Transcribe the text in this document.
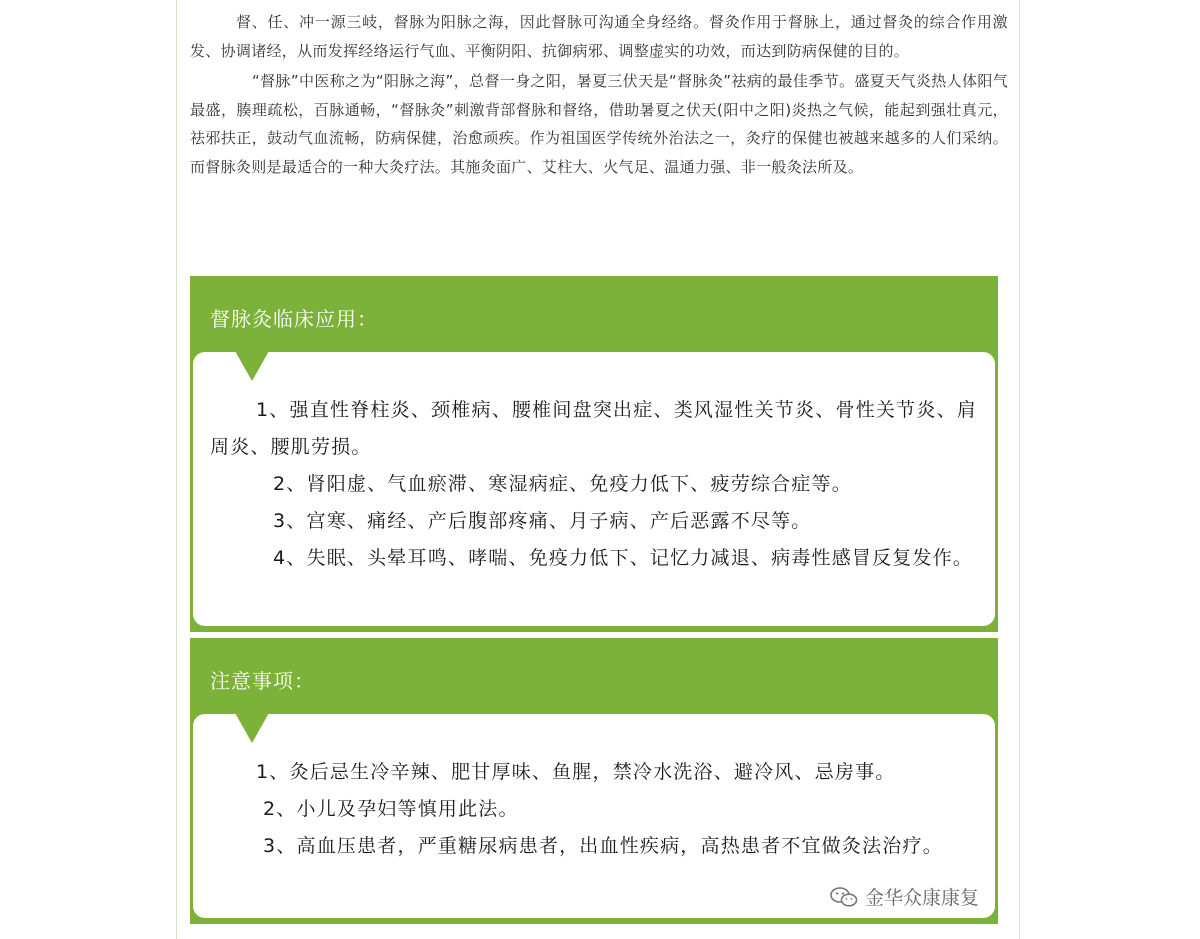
督、任、冲一源三岐，督脉为阳脉之海，因此督脉可沟通全身经络。督灸作用于督脉上，通过督灸的综合作用激发、协调诸经，从而发挥经络运行气血、平衡阴阳、抗御病邪、调整虚实的功效，而达到防病保健的目的。

“督脉”中医称之为“阳脉之海”，总督一身之阳，暑夏三伏天是“督脉灸”祛病的最佳季节。盛夏天气炎热人体阳气最盛，腠理疏松，百脉通畅，“督脉灸”刺激背部督脉和督络，借助暑夏之伏天(阳中之阳)炎热之气候，能起到强壮真元，祛邪扶正，鼓动气血流畅，防病保健，治愈顽疾。作为祖国医学传统外治法之一，灸疗的保健也被越来越多的人们采纳。而督脉灸则是最适合的一种大灸疗法。其施灸面广、艾柱大、火气足、温通力强、非一般灸法所及。

督脉灸临床应用：
1、强直性脊柱炎、颈椎病、腰椎间盘突出症、类风湿性关节炎、骨性关节炎、肩周炎、腰肌劳损。
2、肾阳虚、气血瘀滞、寒湿病症、免疫力低下、疲劳综合症等。
3、宫寒、痛经、产后腹部疼痛、月子病、产后恶露不尽等。
4、失眠、头晕耳鸣、哮喘、免疫力低下、记忆力减退、病毒性感冒反复发作。
注意事项：
1、灸后忌生冷辛辣、肥甘厚味、鱼腥，禁冷水洗浴、避冷风、忌房事。
2、小儿及孕妇等慎用此法。
3、高血压患者，严重糖尿病患者，出血性疾病，高热患者不宜做灸法治疗。
金华众康康复
